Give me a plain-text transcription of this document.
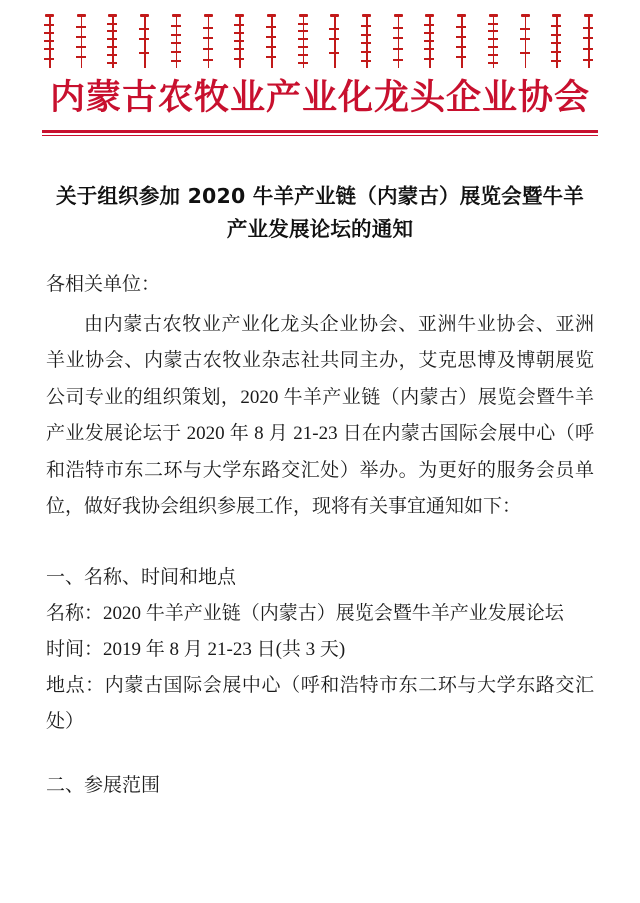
内蒙古农牧业产业化龙头企业协会
关于组织参加 2020 牛羊产业链（内蒙古）展览会暨牛羊产业发展论坛的通知
各相关单位：
由内蒙古农牧业产业化龙头企业协会、亚洲牛业协会、亚洲羊业协会、内蒙古农牧业杂志社共同主办，艾克思博及博朝展览公司专业的组织策划，2020 牛羊产业链（内蒙古）展览会暨牛羊产业发展论坛于 2020 年 8 月 21-23 日在内蒙古国际会展中心（呼和浩特市东二环与大学东路交汇处）举办。为更好的服务会员单位，做好我协会组织参展工作，现将有关事宜通知如下：
一、名称、时间和地点
名称：2020 牛羊产业链（内蒙古）展览会暨牛羊产业发展论坛
时间：2019 年 8 月 21-23 日(共 3 天)
地点：内蒙古国际会展中心（呼和浩特市东二环与大学东路交汇处）
二、参展范围
